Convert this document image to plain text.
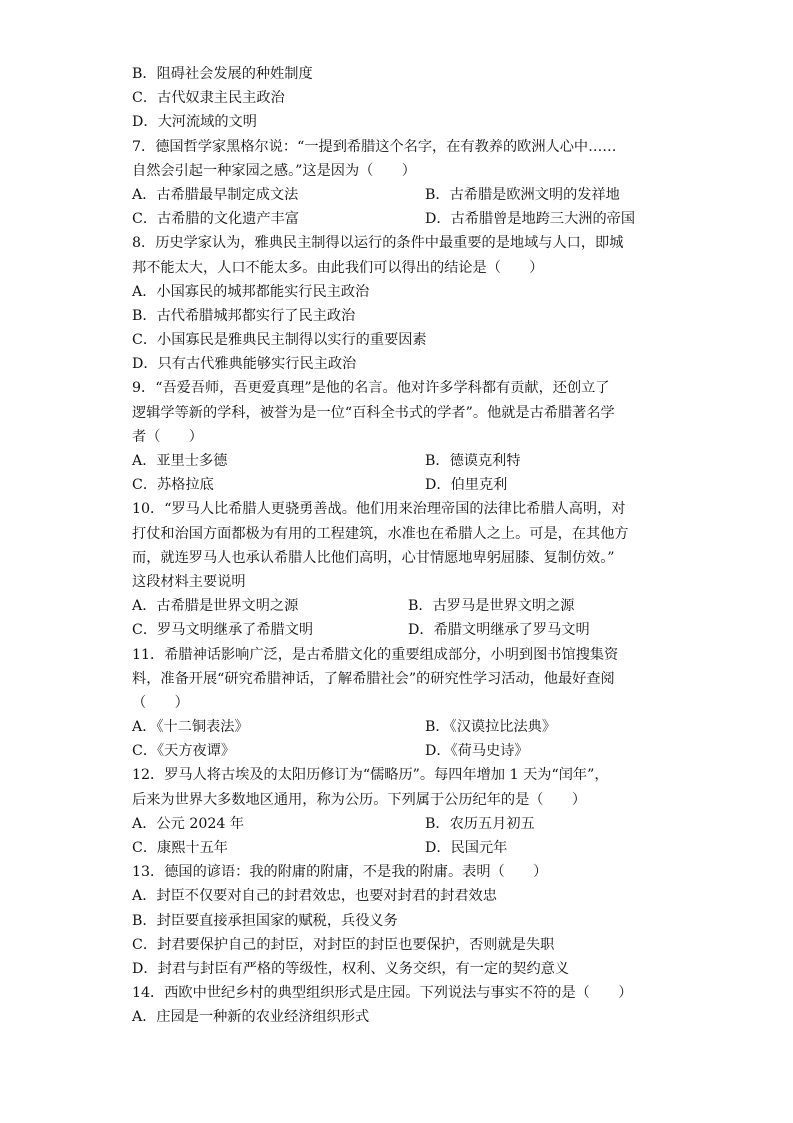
B．阻碍社会发展的种姓制度
C．古代奴隶主民主政治
D．大河流域的文明
7．德国哲学家黑格尔说：“一提到希腊这个名字，在有教养的欧洲人心中……
自然会引起一种家园之感。”这是因为（　　）
A．古希腊最早制定成文法	B．古希腊是欧洲文明的发祥地
C．古希腊的文化遗产丰富	D．古希腊曾是地跨三大洲的帝国
8．历史学家认为，雅典民主制得以运行的条件中最重要的是地域与人口，即城
邦不能太大，人口不能太多。由此我们可以得出的结论是（　　）
A．小国寡民的城邦都能实行民主政治
B．古代希腊城邦都实行了民主政治
C．小国寡民是雅典民主制得以实行的重要因素
D．只有古代雅典能够实行民主政治
9．“吾爱吾师，吾更爱真理”是他的名言。他对许多学科都有贡献，还创立了
逻辑学等新的学科，被誉为是一位“百科全书式的学者”。他就是古希腊著名学
者（　　）
A．亚里士多德	B．德谟克利特
C．苏格拉底	D．伯里克利
10．“罗马人比希腊人更骁勇善战。他们用来治理帝国的法律比希腊人高明，对
打仗和治国方面都极为有用的工程建筑，水准也在希腊人之上。可是，在其他方
而，就连罗马人也承认希腊人比他们高明，心甘情愿地卑躬屈膝、复制仿效。”
这段材料主要说明
A．古希腊是世界文明之源	B．古罗马是世界文明之源
C．罗马文明继承了希腊文明	D．希腊文明继承了罗马文明
11．希腊神话影响广泛，是古希腊文化的重要组成部分，小明到图书馆搜集资
料，准备开展“研究希腊神话，了解希腊社会”的研究性学习活动，他最好查阅
（　　）
A．《十二铜表法》	B．《汉谟拉比法典》
C．《天方夜谭》	D．《荷马史诗》
12．罗马人将古埃及的太阳历修订为“儒略历”。每四年增加 1 天为“闰年”，
后来为世界大多数地区通用，称为公历。下列属于公历纪年的是（　　）
A．公元 2024 年	B．农历五月初五
C．康熙十五年	D．民国元年
13．德国的谚语：我的附庸的附庸，不是我的附庸。表明（　　）
A．封臣不仅要对自己的封君效忠，也要对封君的封君效忠
B．封臣要直接承担国家的赋税，兵役义务
C．封君要保护自己的封臣，对封臣的封臣也要保护，否则就是失职
D．封君与封臣有严格的等级性，权利、义务交织，有一定的契约意义
14．西欧中世纪乡村的典型组织形式是庄园。下列说法与事实不符的是（　　）
A．庄园是一种新的农业经济组织形式
